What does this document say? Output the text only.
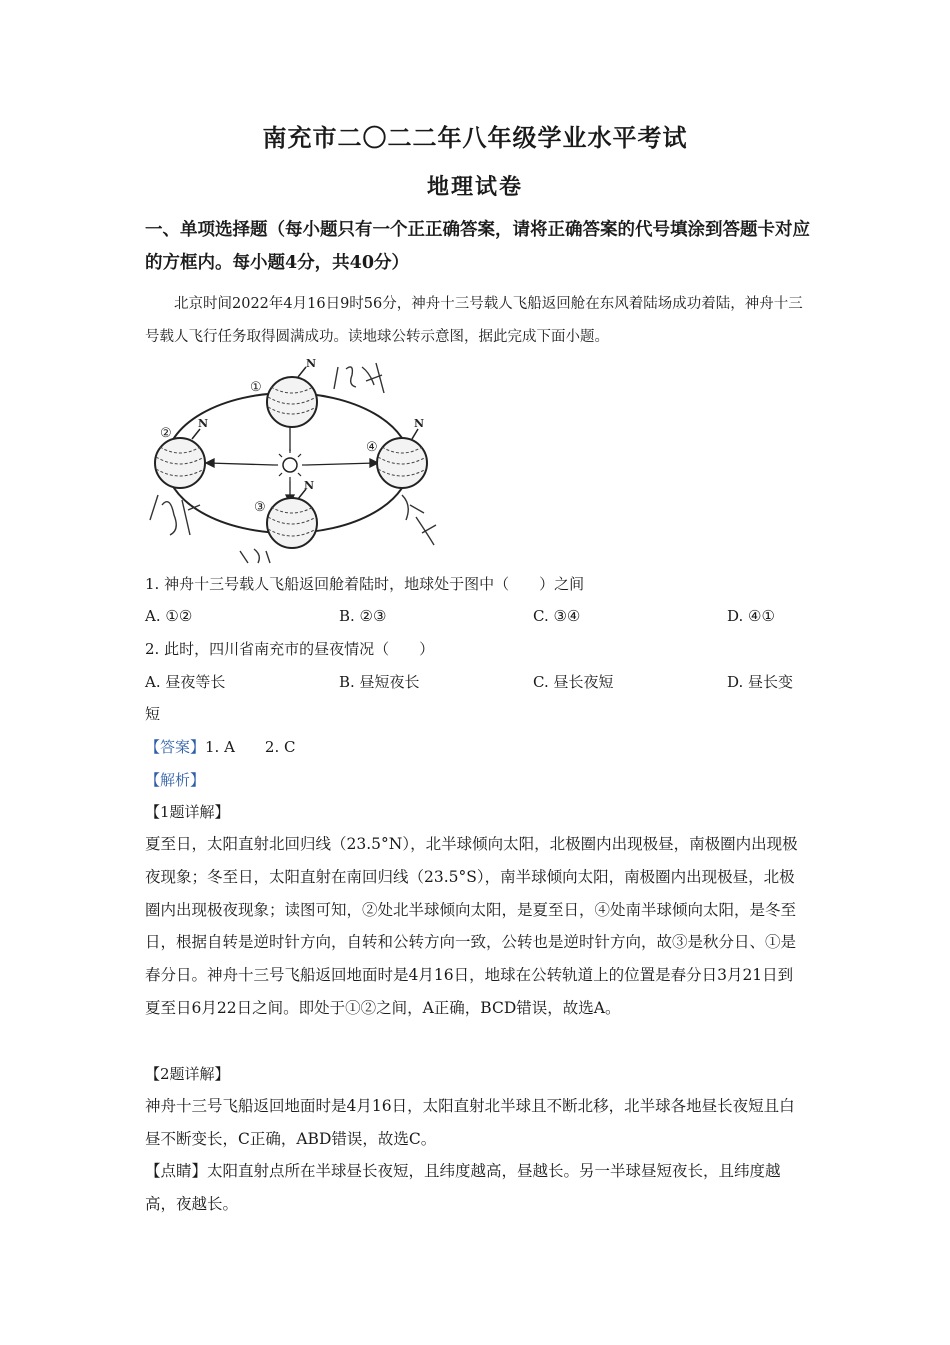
南充市二〇二二年八年级学业水平考试
地理试卷
一、单项选择题（每小题只有一个正正确答案，请将正确答案的代号填涂到答题卡对应的方框内。每小题4分，共40分）
北京时间2022年4月16日9时56分，神舟十三号载人飞船返回舱在东风着陆场成功着陆，神舟十三号载人飞行任务取得圆满成功。读地球公转示意图，据此完成下面小题。
N
①
N
②
N
③
N
④
1. 神舟十三号载人飞船返回舱着陆时，地球处于图中（　　）之间
A. ①②	B. ②③	C. ③④	D. ④①
2. 此时，四川省南充市的昼夜情况（　　）
A. 昼夜等长	B. 昼短夜长	C. 昼长夜短	D. 昼长变
短
【答案】1. A　　2. C
【解析】
【1题详解】
夏至日，太阳直射北回归线（23.5°N），北半球倾向太阳，北极圈内出现极昼，南极圈内出现极夜现象；冬至日，太阳直射在南回归线（23.5°S），南半球倾向太阳，南极圈内出现极昼，北极圈内出现极夜现象；读图可知，②处北半球倾向太阳，是夏至日，④处南半球倾向太阳，是冬至日，根据自转是逆时针方向，自转和公转方向一致，公转也是逆时针方向，故③是秋分日、①是春分日。神舟十三号飞船返回地面时是4月16日，地球在公转轨道上的位置是春分日3月21日到夏至日6月22日之间。即处于①②之间，A正确，BCD错误，故选A。
【2题详解】
神舟十三号飞船返回地面时是4月16日，太阳直射北半球且不断北移，北半球各地昼长夜短且白昼不断变长，C正确，ABD错误，故选C。
【点睛】太阳直射点所在半球昼长夜短，且纬度越高，昼越长。另一半球昼短夜长，且纬度越高，夜越长。
